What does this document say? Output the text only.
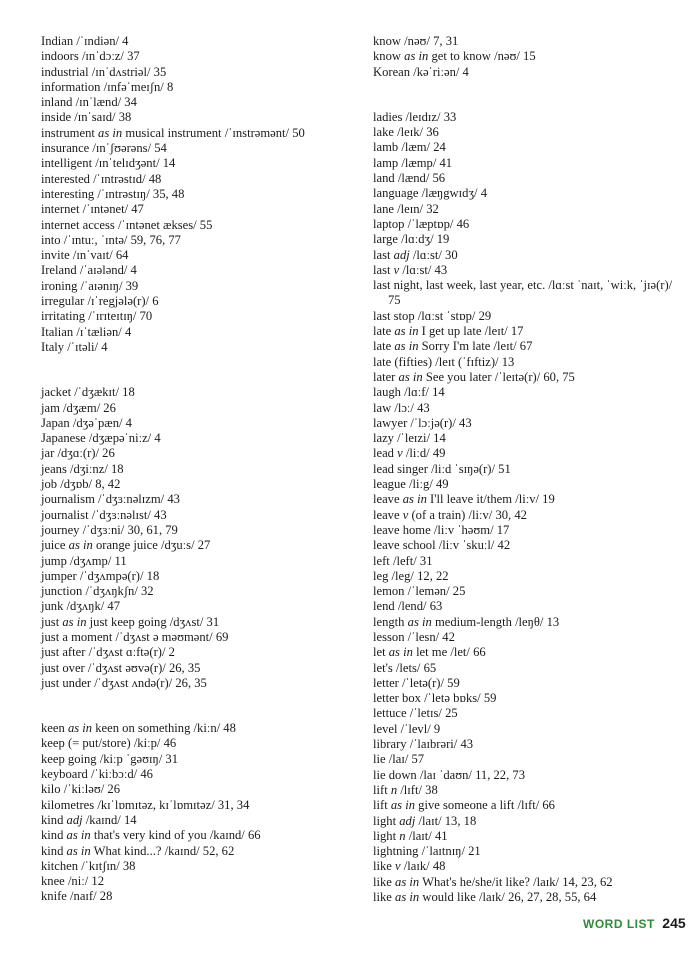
Indian /ˈɪndiən/ 4
indoors /ɪnˈdɔːz/ 37
industrial /ɪnˈdʌstriəl/ 35
information /ɪnfəˈmeɪʃn/ 8
inland /ɪnˈlænd/ 34
inside /ɪnˈsaɪd/ 38
instrument as in musical instrument /ˈɪnstrəmənt/ 50
insurance /ɪnˈʃʊərəns/ 54
intelligent /ɪnˈtelɪdʒənt/ 14
interested /ˈɪntrəstɪd/ 48
interesting /ˈɪntrəstɪŋ/ 35, 48
internet /ˈɪntənet/ 47
internet access /ˈɪntənet ækses/ 55
into /ˈɪntuː, ˈɪntə/ 59, 76, 77
invite /ɪnˈvaɪt/ 64
Ireland /ˈaɪələnd/ 4
ironing /ˈaɪənɪŋ/ 39
irregular /ɪˈregjələ(r)/ 6
irritating /ˈɪrɪteɪtɪŋ/ 70
Italian /ɪˈtæliən/ 4
Italy /ˈɪtəli/ 4
jacket /ˈdʒækɪt/ 18
jam /dʒæm/ 26
Japan /dʒəˈpæn/ 4
Japanese /dʒæpəˈniːz/ 4
jar /dʒɑː(r)/ 26
jeans /dʒiːnz/ 18
job /dʒɒb/ 8, 42
journalism /ˈdʒɜːnəlɪzm/ 43
journalist /ˈdʒɜːnəlɪst/ 43
journey /ˈdʒɜːni/ 30, 61, 79
juice as in orange juice /dʒuːs/ 27
jump /dʒʌmp/ 11
jumper /ˈdʒʌmpə(r)/ 18
junction /ˈdʒʌŋkʃn/ 32
junk /dʒʌŋk/ 47
just as in just keep going /dʒʌst/ 31
just a moment /ˈdʒʌst ə məʊmənt/ 69
just after /ˈdʒʌst ɑːftə(r)/ 2
just over /ˈdʒʌst əʊvə(r)/ 26, 35
just under /ˈdʒʌst ʌndə(r)/ 26, 35
keen as in keen on something /kiːn/ 48
keep (= put/store) /kiːp/ 46
keep going /kiːp ˈgəʊɪŋ/ 31
keyboard /ˈkiːbɔːd/ 46
kilo /ˈkiːləʊ/ 26
kilometres /kɪˈlɒmɪtəz, kɪˈlɒmɪtəz/ 31, 34
kind adj /kaɪnd/ 14
kind as in that's very kind of you /kaɪnd/ 66
kind as in What kind...? /kaɪnd/ 52, 62
kitchen /ˈkɪtʃɪn/ 38
knee /niː/ 12
knife /naɪf/ 28
know /nəʊ/ 7, 31
know as in get to know /nəʊ/ 15
Korean /kəˈriːən/ 4
ladies /leɪdɪz/ 33
lake /leɪk/ 36
lamb /læm/ 24
lamp /læmp/ 41
land /lænd/ 56
language /læŋgwɪdʒ/ 4
lane /leɪn/ 32
laptop /ˈlæptɒp/ 46
large /lɑːdʒ/ 19
last adj /lɑːst/ 30
last v /lɑːst/ 43
last night, last week, last year, etc. /lɑːst ˈnaɪt, ˈwiːk, ˈjɪə(r)/ 75
last stop /lɑːst ˈstɒp/ 29
late as in I get up late /leɪt/ 17
late as in Sorry I'm late /leɪt/ 67
late (fifties) /leɪt (ˈfɪftiz)/ 13
later as in See you later /ˈleɪtə(r)/ 60, 75
laugh /lɑːf/ 14
law /lɔː/ 43
lawyer /ˈlɔːjə(r)/ 43
lazy /ˈleɪzi/ 14
lead v /liːd/ 49
lead singer /liːd ˈsɪŋə(r)/ 51
league /liːg/ 49
leave as in I'll leave it/them /liːv/ 19
leave v (of a train) /liːv/ 30, 42
leave home /liːv ˈhəʊm/ 17
leave school /liːv ˈskuːl/ 42
left /left/ 31
leg /leg/ 12, 22
lemon /ˈlemən/ 25
lend /lend/ 63
length as in medium-length /leŋθ/ 13
lesson /ˈlesn/ 42
let as in let me /let/ 66
let's /lets/ 65
letter /ˈletə(r)/ 59
letter box /ˈletə bɒks/ 59
lettuce /ˈletɪs/ 25
level /ˈlevl/ 9
library /ˈlaɪbrəri/ 43
lie /laɪ/ 57
lie down /laɪ ˈdaʊn/ 11, 22, 73
lift n /lɪft/ 38
lift as in give someone a lift /lɪft/ 66
light adj /laɪt/ 13, 18
light n /laɪt/ 41
lightning /ˈlaɪtnɪŋ/ 21
like v /laɪk/ 48
like as in What's he/she/it like? /laɪk/ 14, 23, 62
like as in would like /laɪk/ 26, 27, 28, 55, 64
WORD LIST 245
